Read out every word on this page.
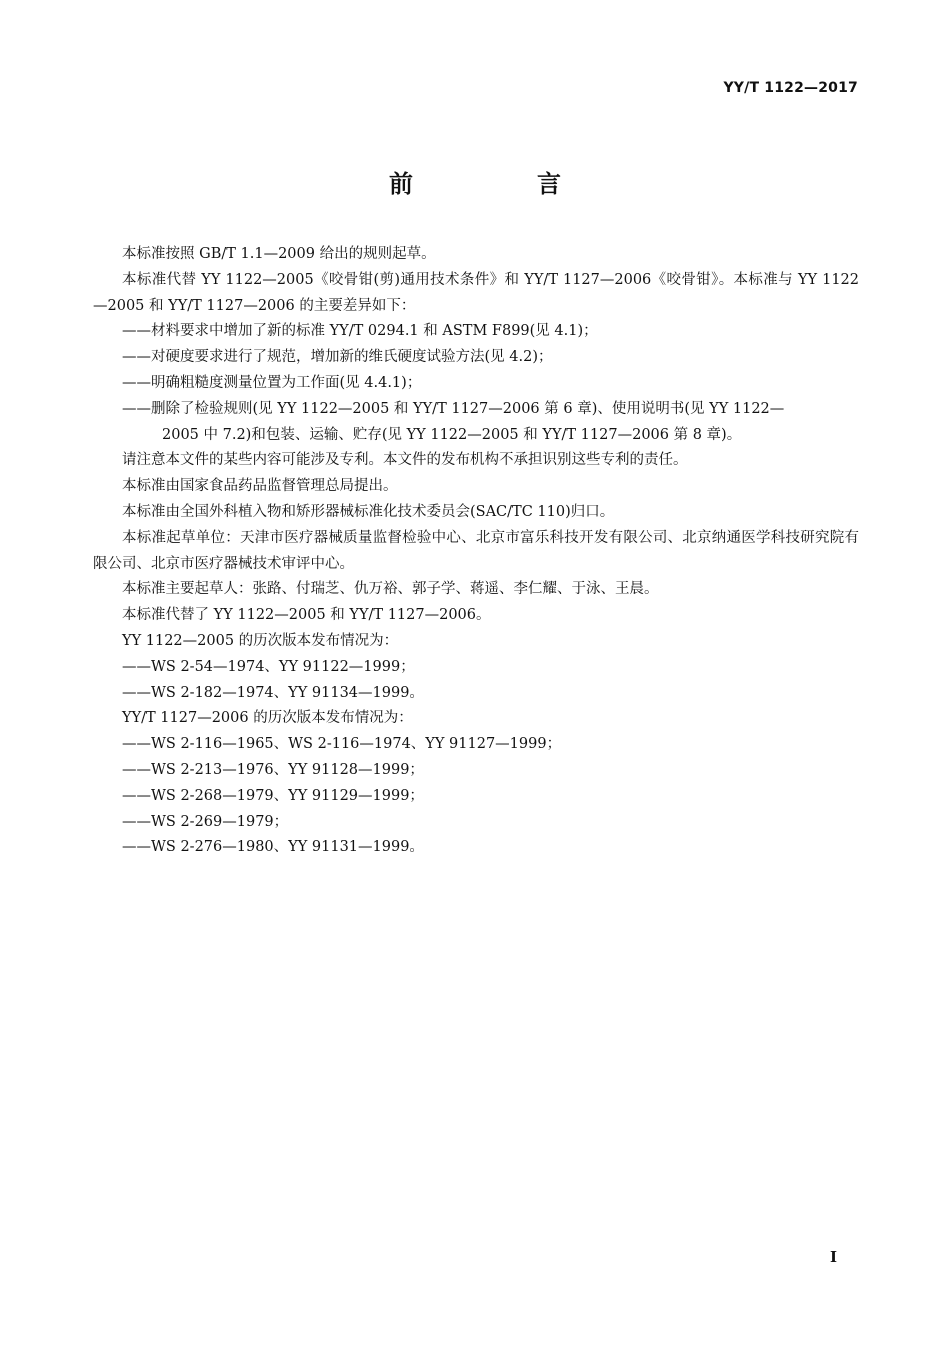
YY/T 1122—2017
前　言

本标准按照 GB/T 1.1—2009 给出的规则起草。

本标准代替 YY 1122—2005《咬骨钳(剪)通用技术条件》和 YY/T 1127—2006《咬骨钳》。本标准与 YY 1122—2005 和 YY/T 1127—2006 的主要差异如下：

——材料要求中增加了新的标准 YY/T 0294.1 和 ASTM F899(见 4.1)；

——对硬度要求进行了规范，增加新的维氏硬度试验方法(见 4.2)；

——明确粗糙度测量位置为工作面(见 4.4.1)；

——删除了检验规则(见 YY 1122—2005 和 YY/T 1127—2006 第 6 章)、使用说明书(见 YY 1122—

2005 中 7.2)和包装、运输、贮存(见 YY 1122—2005 和 YY/T 1127—2006 第 8 章)。

请注意本文件的某些内容可能涉及专利。本文件的发布机构不承担识别这些专利的责任。

本标准由国家食品药品监督管理总局提出。

本标准由全国外科植入物和矫形器械标准化技术委员会(SAC/TC 110)归口。

本标准起草单位：天津市医疗器械质量监督检验中心、北京市富乐科技开发有限公司、北京纳通医学科技研究院有限公司、北京市医疗器械技术审评中心。

本标准主要起草人：张路、付瑞芝、仇万裕、郭子学、蒋遥、李仁耀、于泳、王晨。

本标准代替了 YY 1122—2005 和 YY/T 1127—2006。

YY 1122—2005 的历次版本发布情况为：

——WS 2-54—1974、YY 91122—1999；

——WS 2-182—1974、YY 91134—1999。

YY/T 1127—2006 的历次版本发布情况为：

——WS 2-116—1965、WS 2-116—1974、YY 91127—1999；

——WS 2-213—1976、YY 91128—1999；

——WS 2-268—1979、YY 91129—1999；

——WS 2-269—1979；

——WS 2-276—1980、YY 91131—1999。

I
